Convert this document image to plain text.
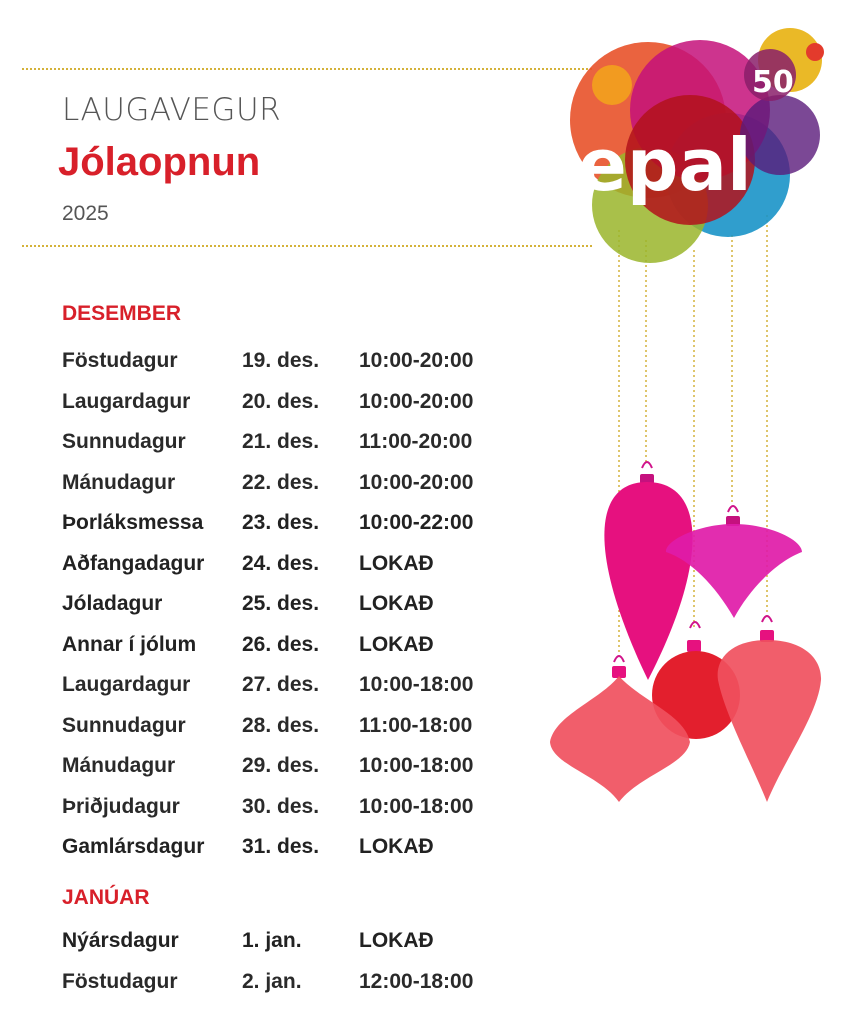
LAUGAVEGUR
Jólaopnun
2025
epal
50
DESEMBER
Föstudagur	19. des. 10:00-20:00
Laugardagur 20. des. 10:00-20:00
Sunnudagur	21. des. 11:00-20:00
Mánudagur	22. des. 10:00-20:00
Þorláksmessa 23. des. 10:00-22:00
Aðfangadagur 24. des. LOKAÐ
Jóladagur	25. des. LOKAÐ
Annar í jólum 26. des. LOKAÐ
Laugardagur 27. des. 10:00-18:00
Sunnudagur	28. des. 11:00-18:00
Mánudagur	29. des. 10:00-18:00
Þriðjudagur	30. des. 10:00-18:00
Gamlársdagur 31. des. LOKAÐ
JANÚAR
Nýársdagur	1. jan.	LOKAÐ
Föstudagur	2. jan.	12:00-18:00
